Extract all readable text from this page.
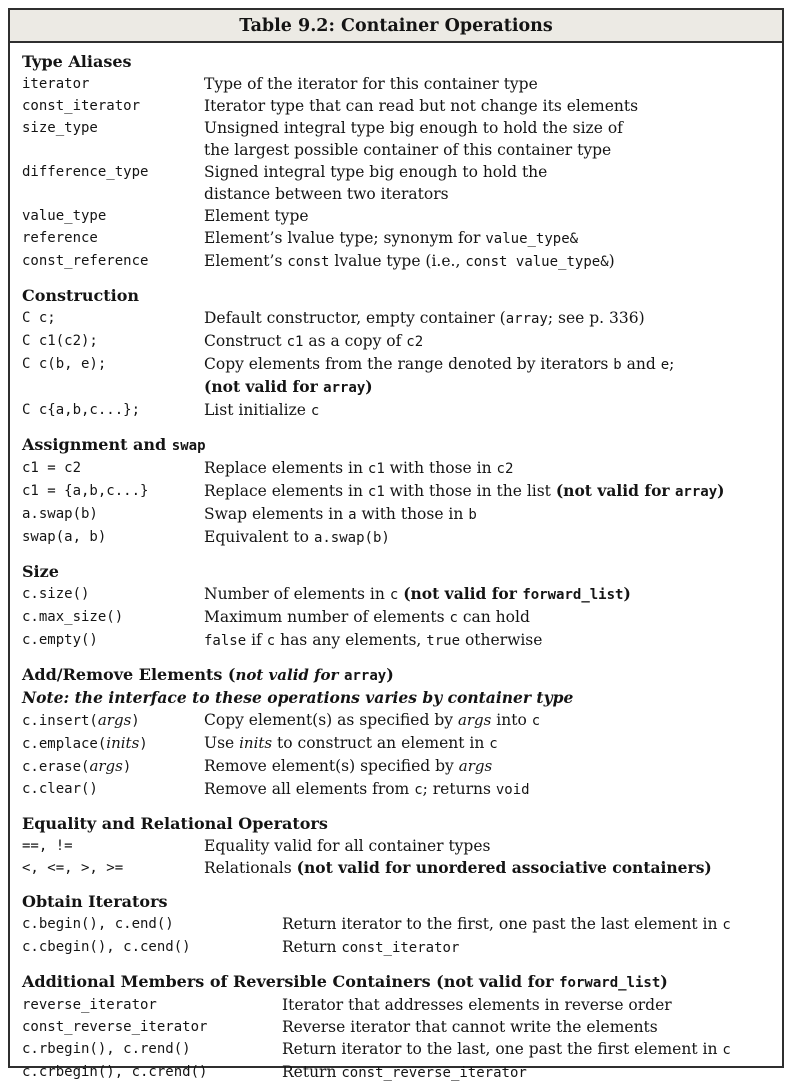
Table 9.2: Container Operations
Type Aliases
iterator	Type of the iterator for this container type
const_iterator	Iterator type that can read but not change its elements
size_type	Unsigned integral type big enough to hold the size of
the largest possible container of this container type
difference_type	Signed integral type big enough to hold the
distance between two iterators
value_type	Element type
reference	Element’s lvalue type; synonym for value_type&
const_reference	Element’s const lvalue type (i.e., const value_type&)
Construction
C c;	Default constructor, empty container (array; see p. 336)
C c1(c2);	Construct c1 as a copy of c2
C c(b, e);	Copy elements from the range denoted by iterators b and e;
(not valid for array)
C c{a,b,c...};	List initialize c
Assignment and swap
c1 = c2	Replace elements in c1 with those in c2
c1 = {a,b,c...}	Replace elements in c1 with those in the list (not valid for array)
a.swap(b)	Swap elements in a with those in b
swap(a, b)	Equivalent to a.swap(b)
Size
c.size()	Number of elements in c (not valid for forward_list)
c.max_size()	Maximum number of elements c can hold
c.empty()	false if c has any elements, true otherwise
Add/Remove Elements (not valid for array)
Note: the interface to these operations varies by container type
c.insert(args)	Copy element(s) as specified by args into c
c.emplace(inits)	Use inits to construct an element in c
c.erase(args)	Remove element(s) specified by args
c.clear()	Remove all elements from c; returns void
Equality and Relational Operators
==, !=	Equality valid for all container types
<, <=, >, >=	Relationals (not valid for unordered associative containers)
Obtain Iterators
c.begin(), c.end()	Return iterator to the first, one past the last element in c
c.cbegin(), c.cend()	Return const_iterator
Additional Members of Reversible Containers (not valid for forward_list)
reverse_iterator	Iterator that addresses elements in reverse order
const_reverse_iterator	Reverse iterator that cannot write the elements
c.rbegin(), c.rend()	Return iterator to the last, one past the first element in c
c.crbegin(), c.crend()	Return const_reverse_iterator
